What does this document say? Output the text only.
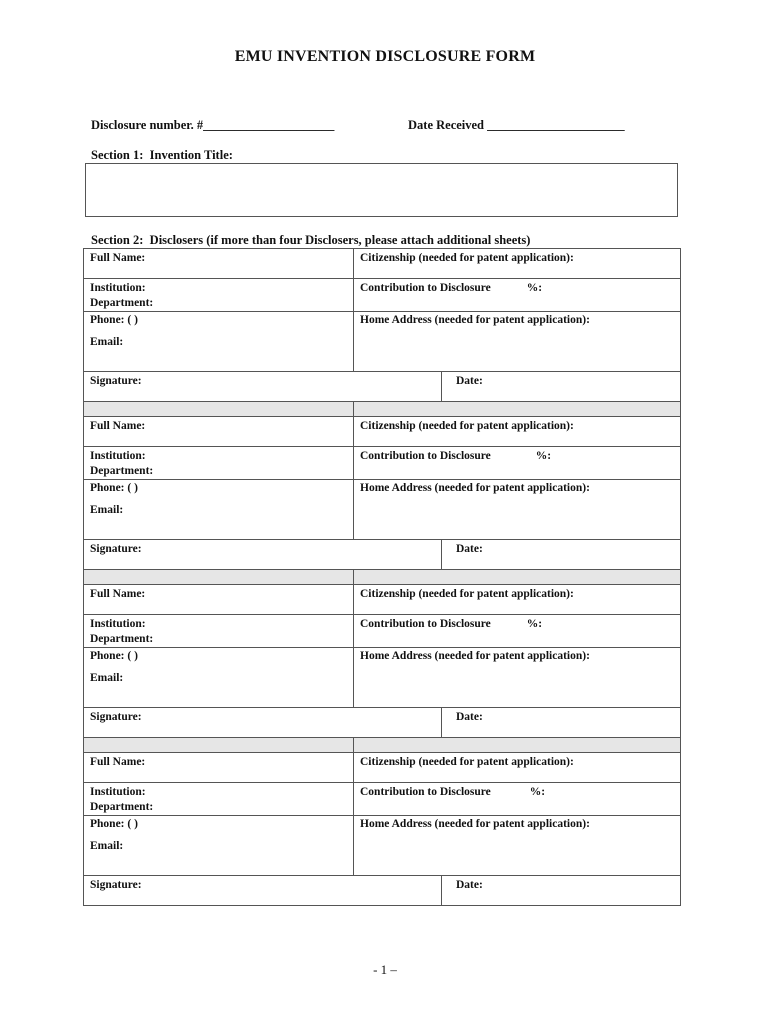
EMU INVENTION DISCLOSURE FORM
Disclosure number. #_____________________	Date Received ______________________
Section 1:  Invention Title:
Section 2:  Disclosers (if more than four Disclosers, please attach additional sheets)
Full Name:	Citizenship (needed for patent application):	

Institution:
Department:	Contribution to Disclosure %:	

Phone: ( )
Email:	Home Address (needed for patent application):	
Signature:		Date:

Full Name:	Citizenship (needed for patent application):	

Institution:
Department:	Contribution to Disclosure %:	

Phone: ( )
Email:	Home Address (needed for patent application):	
Signature:		Date:

Full Name:	Citizenship (needed for patent application):	

Institution:
Department:	Contribution to Disclosure %:	

Phone: ( )
Email:	Home Address (needed for patent application):	
Signature:		Date:

Full Name:	Citizenship (needed for patent application):	

Institution:
Department:	Contribution to Disclosure %:	

Phone: ( )
Email:	Home Address (needed for patent application):	
Signature:		Date:
- 1 –
